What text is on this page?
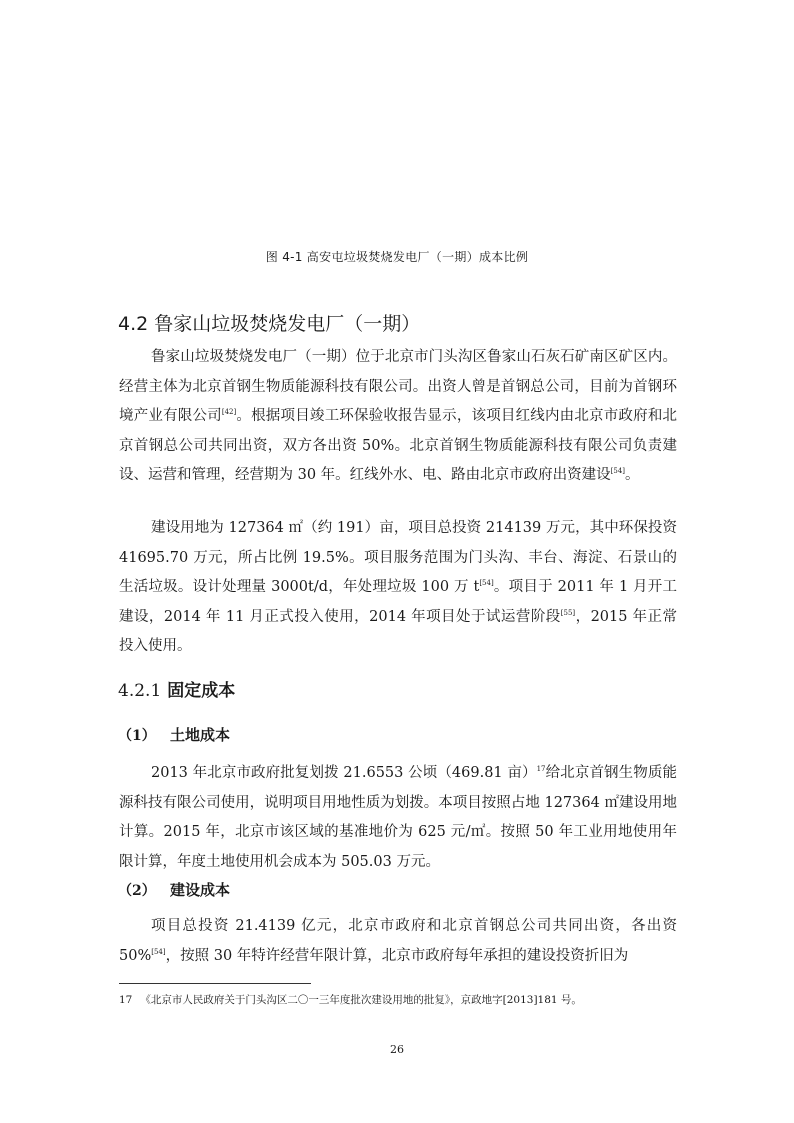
图 4-1 高安屯垃圾焚烧发电厂（一期）成本比例
4.2 鲁家山垃圾焚烧发电厂（一期）

鲁家山垃圾焚烧发电厂（一期）位于北京市门头沟区鲁家山石灰石矿南区矿区内。经营主体为北京首钢生物质能源科技有限公司。出资人曾是首钢总公司，目前为首钢环境产业有限公司[42]。根据项目竣工环保验收报告显示，该项目红线内由北京市政府和北京首钢总公司共同出资，双方各出资 50%。北京首钢生物质能源科技有限公司负责建设、运营和管理，经营期为 30 年。红线外水、电、路由北京市政府出资建设[54]。

建设用地为 127364 ㎡（约 191）亩，项目总投资 214139 万元，其中环保投资 41695.70 万元，所占比例 19.5%。项目服务范围为门头沟、丰台、海淀、石景山的生活垃圾。设计处理量 3000t/d，年处理垃圾 100 万 t[54]。项目于 2011 年 1 月开工建设，2014 年 11 月正式投入使用，2014 年项目处于试运营阶段[55]，2015 年正常投入使用。

4.2.1 固定成本
（1） 土地成本

2013 年北京市政府批复划拨 21.6553 公顷（469.81 亩）$^{17}$给北京首钢生物质能源科技有限公司使用，说明项目用地性质为划拨。本项目按照占地 127364 ㎡建设用地计算。2015 年，北京市该区域的基准地价为 625 元/㎡。按照 50 年工业用地使用年限计算，年度土地使用机会成本为 505.03 万元。

（2） 建设成本

项目总投资 21.4139 亿元，北京市政府和北京首钢总公司共同出资，各出资 50%[54]，按照 30 年特许经营年限计算，北京市政府每年承担的建设投资折旧为

17 《北京市人民政府关于门头沟区二〇一三年度批次建设用地的批复》，京政地字[2013]181 号。

26
